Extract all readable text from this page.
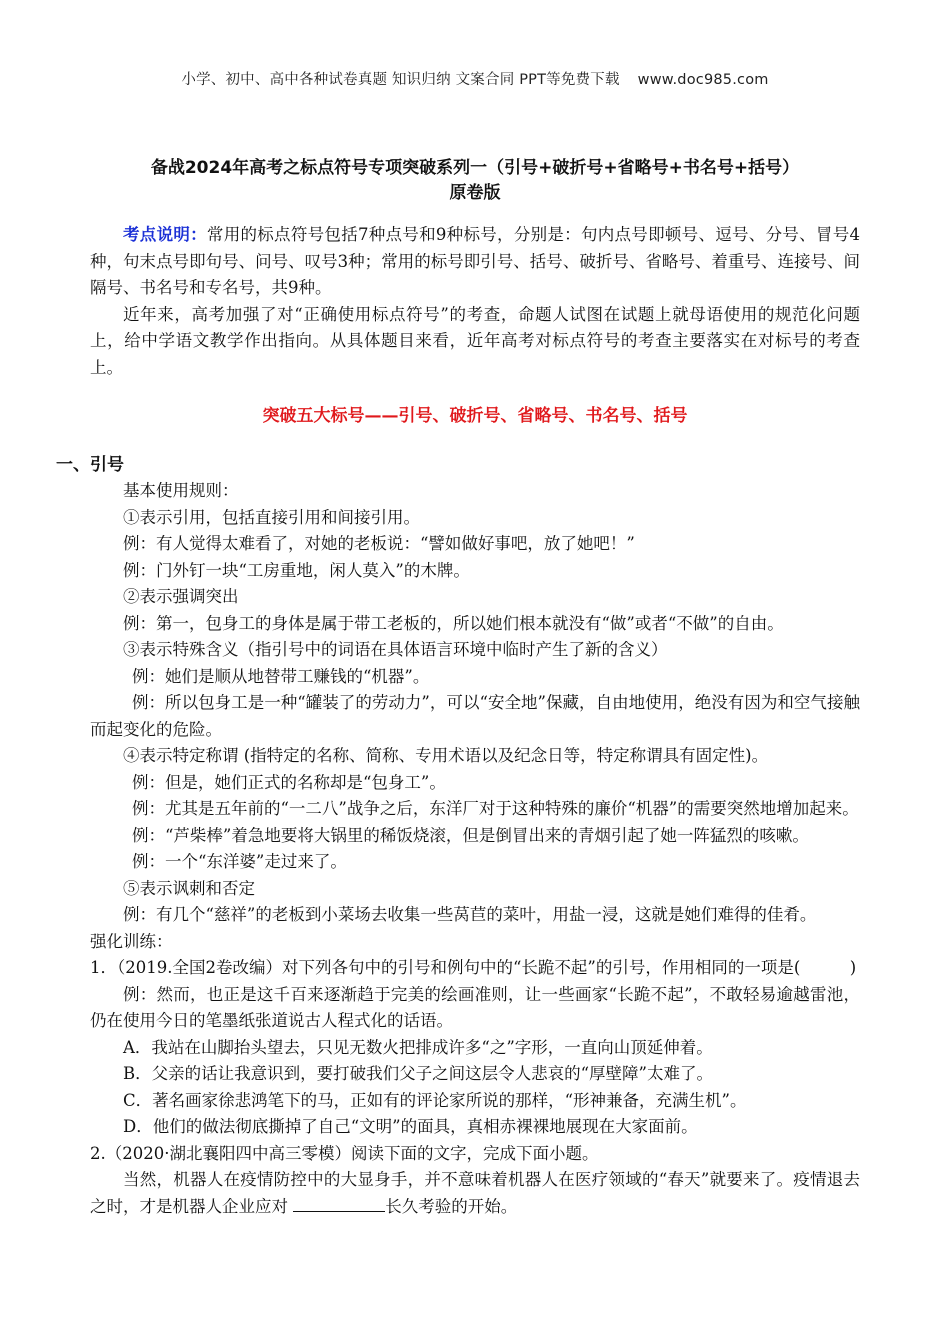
小学、初中、高中各种试卷真题 知识归纳 文案合同 PPT等免费下载 www.doc985.com
备战2024年高考之标点符号专项突破系列一（引号+破折号+省略号+书名号+括号）
原卷版

考点说明：常用的标点符号包括7种点号和9种标号，分别是：句内点号即顿号、逗号、分号、冒号4种，句末点号即句号、问号、叹号3种；常用的标号即引号、括号、破折号、省略号、着重号、连接号、间隔号、书名号和专名号，共9种。

近年来，高考加强了对“正确使用标点符号”的考查，命题人试图在试题上就母语使用的规范化问题上，给中学语文教学作出指向。从具体题目来看，近年高考对标点符号的考查主要落实在对标号的考查上。

突破五大标号——引号、破折号、省略号、书名号、括号
一、引号

基本使用规则：

①表示引用，包括直接引用和间接引用。

例：有人觉得太难看了，对她的老板说：“譬如做好事吧，放了她吧！”

例：门外钉一块“工房重地，闲人莫入”的木牌。

②表示强调突出

例：第一，包身工的身体是属于带工老板的，所以她们根本就没有“做”或者“不做”的自由。

③表示特殊含义（指引号中的词语在具体语言环境中临时产生了新的含义）

例：她们是顺从地替带工赚钱的“机器”。

例：所以包身工是一种“罐装了的劳动力”，可以“安全地”保藏，自由地使用，绝没有因为和空气接触而起变化的危险。

④表示特定称谓 (指特定的名称、简称、专用术语以及纪念日等，特定称谓具有固定性)。

例：但是，她们正式的名称却是“包身工”。

例：尤其是五年前的“一二八”战争之后，东洋厂对于这种特殊的廉价“机器”的需要突然地增加起来。

例：“芦柴棒”着急地要将大锅里的稀饭烧滚，但是倒冒出来的青烟引起了她一阵猛烈的咳嗽。

例：一个“东洋婆”走过来了。

⑤表示讽刺和否定

例：有几个“慈祥”的老板到小菜场去收集一些莴苣的菜叶，用盐一浸，这就是她们难得的佳肴。

强化训练：

1．（2019.全国2卷改编）对下列各句中的引号和例句中的“长跪不起”的引号，作用相同的一项是(　　　)

例：然而，也正是这千百来逐渐趋于完美的绘画准则，让一些画家“长跪不起”，不敢轻易逾越雷池，仍在使用今日的笔墨纸张道说古人程式化的话语。

A．我站在山脚抬头望去，只见无数火把排成许多“之”字形，一直向山顶延伸着。

B．父亲的话让我意识到，要打破我们父子之间这层令人悲哀的“厚壁障”太难了。

C．著名画家徐悲鸿笔下的马，正如有的评论家所说的那样，“形神兼备，充满生机”。

D．他们的做法彻底撕掉了自己“文明”的面具，真相赤裸裸地展现在大家面前。

2.（2020·湖北襄阳四中高三零模）阅读下面的文字，完成下面小题。

当然，机器人在疫情防控中的大显身手，并不意味着机器人在医疗领域的“春天”就要来了。疫情退去之时，才是机器人企业应对	长久考验的开始。
